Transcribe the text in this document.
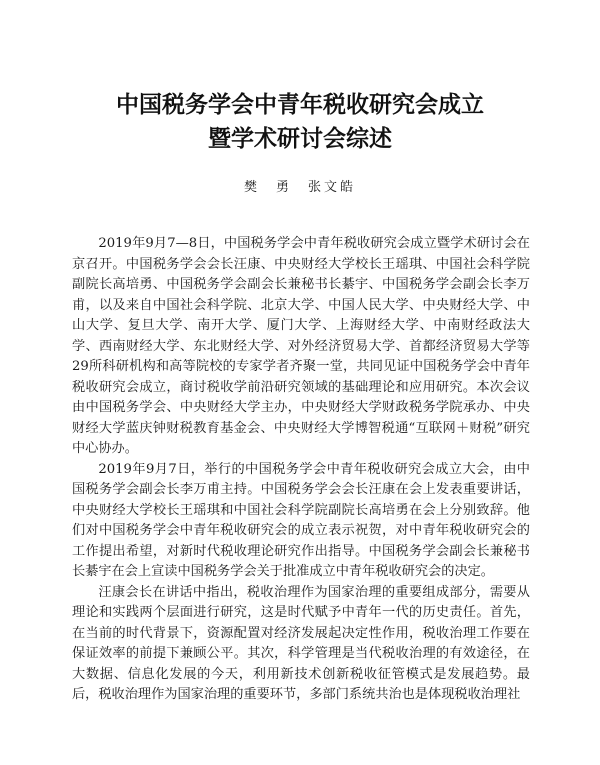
中国税务学会中青年税收研究会成立
暨学术研讨会综述
樊　勇　张文皓

2019年9月7—8日，中国税务学会中青年税收研究会成立暨学术研讨会在京召开。中国税务学会会长汪康、中央财经大学校长王瑶琪、中国社会科学院副院长高培勇、中国税务学会副会长兼秘书长綦宇、中国税务学会副会长李万甫，以及来自中国社会科学院、北京大学、中国人民大学、中央财经大学、中山大学、复旦大学、南开大学、厦门大学、上海财经大学、中南财经政法大学、西南财经大学、东北财经大学、对外经济贸易大学、首都经济贸易大学等29所科研机构和高等院校的专家学者齐聚一堂，共同见证中国税务学会中青年税收研究会成立，商讨税收学前沿研究领域的基础理论和应用研究。本次会议由中国税务学会、中央财经大学主办，中央财经大学财政税务学院承办、中央财经大学蓝庆钟财税教育基金会、中央财经大学博智税通“互联网＋财税”研究中心协办。

2019年9月7日，举行的中国税务学会中青年税收研究会成立大会，由中国税务学会副会长李万甫主持。中国税务学会会长汪康在会上发表重要讲话，中央财经大学校长王瑶琪和中国社会科学院副院长高培勇在会上分别致辞。他们对中国税务学会中青年税收研究会的成立表示祝贺，对中青年税收研究会的工作提出希望，对新时代税收理论研究作出指导。中国税务学会副会长兼秘书长綦宇在会上宣读中国税务学会关于批准成立中青年税收研究会的决定。

汪康会长在讲话中指出，税收治理作为国家治理的重要组成部分，需要从理论和实践两个层面进行研究，这是时代赋予中青年一代的历史责任。首先，在当前的时代背景下，资源配置对经济发展起决定性作用，税收治理工作要在保证效率的前提下兼顾公平。其次，科学管理是当代税收治理的有效途径，在大数据、信息化发展的今天，利用新技术创新税收征管模式是发展趋势。最后，税收治理作为国家治理的重要环节，多部门系统共治也是体现税收治理社
